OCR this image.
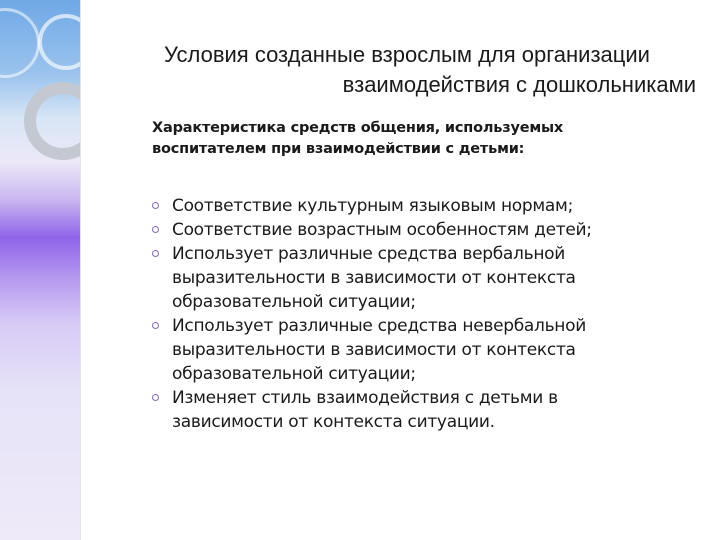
Условия созданные взрослым для организации
взаимодействия с дошкольниками
Характеристика средств общения, используемых
воспитателем при взаимодействии с детьми:
Соответствие культурным языковым нормам;
Соответствие возрастным особенностям детей;
Использует различные средства вербальной выразительности в зависимости от контекста образовательной ситуации;
Использует различные средства невербальной выразительности в зависимости от контекста образовательной ситуации;
Изменяет стиль взаимодействия с детьми в зависимости от контекста ситуации.
